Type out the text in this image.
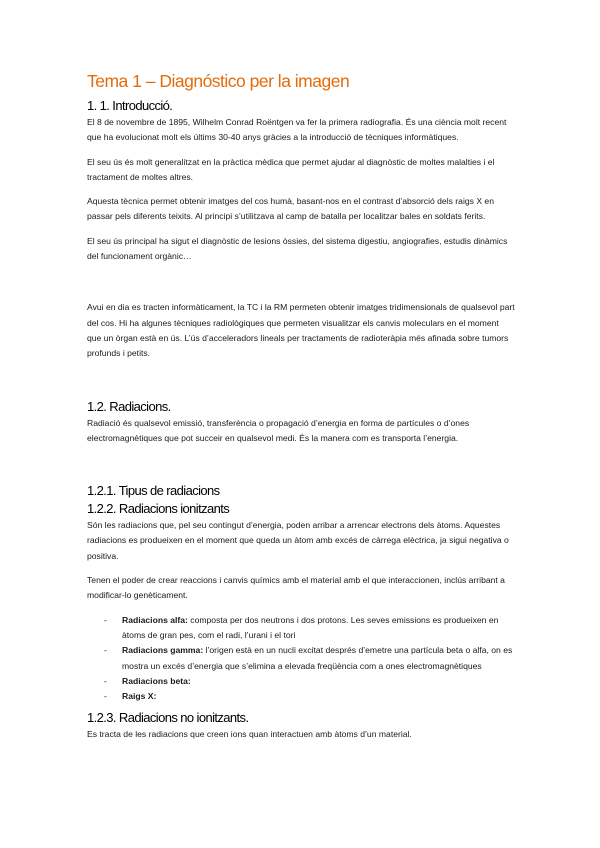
Tema 1 – Diagnóstico per la imagen
1. 1. Introducció.

El 8 de novembre de 1895, Wilhelm Conrad Roëntgen va fer la primera radiografia. És una ciència molt recent que ha evolucionat molt els últims 30-40 anys gràcies a la introducció de tècniques informàtiques.

El seu ús és molt generalitzat en la pràctica mèdica que permet ajudar al diagnòstic de moltes malalties i el tractament de moltes altres.

Aquesta tècnica permet obtenir imatges del cos humà, basant-nos en el contrast d’absorció dels raigs X en passar pels diferents teixits. Al principi s’utilitzava al camp de batalla per localitzar bales en soldats ferits.

El seu ús principal ha sigut el diagnòstic de lesions òssies, del sistema digestiu, angiografies, estudis dinàmics del funcionament orgànic…

Avui en dia es tracten informàticament, la TC i la RM permeten obtenir imatges tridimensionals de qualsevol part del cos. Hi ha algunes tècniques radiològiques que permeten visualitzar els canvis moleculars en el moment que un òrgan està en ús. L’ús d’acceleradors lineals per tractaments de radioteràpia més afinada sobre tumors profunds i petits.

1.2. Radiacions.

Radiació és qualsevol emissió, transferència o propagació d’energia en forma de partícules o d’ones electromagnètiques que pot succeir en qualsevol medi. És la manera com es transporta l’energia.

1.2.1. Tipus de radiacions
1.2.2. Radiacions ionitzants

Són les radiacions que, pel seu contingut d’energia, poden arribar a arrencar electrons dels àtoms. Aquestes radiacions es produeixen en el moment que queda un àtom amb excés de càrrega elèctrica, ja sigui negativa o positiva.

Tenen el poder de crear reaccions i canvis químics amb el material amb el que interaccionen, inclús arribant a modificar-lo genèticament.

- Radiacions alfa: composta per dos neutrons i dos protons. Les seves emissions es produeixen en àtoms de gran pes, com el radi, l’urani i el tori
- Radiacions gamma: l’origen està en un nucli excitat després d’emetre una partícula beta o alfa, on es mostra un excés d’energia que s’elimina a elevada freqüència com a ones electromagnètiques
- Radiacions beta:
- Raigs X:
1.2.3. Radiacions no ionitzants.

Es tracta de les radiacions que creen ions quan interactuen amb àtoms d’un material.
